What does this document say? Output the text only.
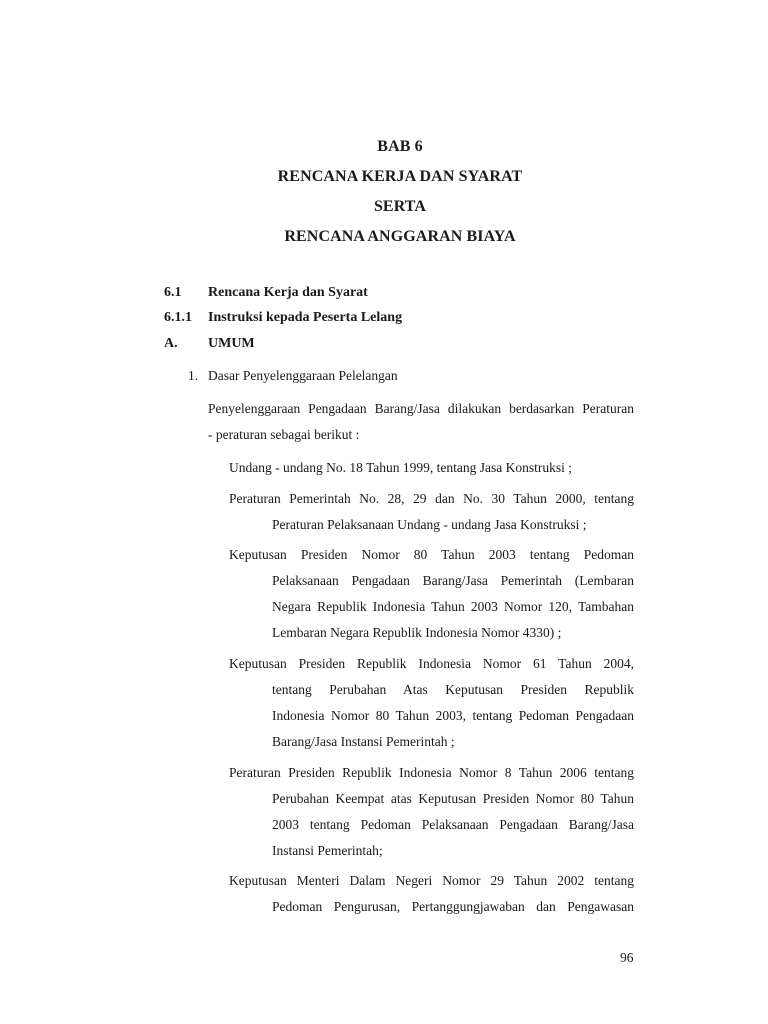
BAB 6
RENCANA KERJA DAN SYARAT
SERTA
RENCANA ANGGARAN BIAYA
6.1 Rencana Kerja dan Syarat
6.1.1 Instruksi kepada Peserta Lelang
A. UMUM
1. Dasar Penyelenggaraan Pelelangan
Penyelenggaraan Pengadaan Barang/Jasa dilakukan berdasarkan Peraturan
- peraturan sebagai berikut :
Undang - undang No. 18 Tahun 1999, tentang Jasa Konstruksi ;
Peraturan Pemerintah No. 28, 29 dan No. 30 Tahun 2000, tentang
Peraturan Pelaksanaan Undang - undang Jasa Konstruksi ;
Keputusan Presiden Nomor 80 Tahun 2003 tentang Pedoman
Pelaksanaan Pengadaan Barang/Jasa Pemerintah (Lembaran
Negara Republik Indonesia Tahun 2003 Nomor 120, Tambahan
Lembaran Negara Republik Indonesia Nomor 4330) ;
Keputusan Presiden Republik Indonesia Nomor 61 Tahun 2004,
tentang Perubahan Atas Keputusan Presiden Republik
Indonesia Nomor 80 Tahun 2003, tentang Pedoman Pengadaan
Barang/Jasa Instansi Pemerintah ;
Peraturan Presiden Republik Indonesia Nomor 8 Tahun 2006 tentang
Perubahan Keempat atas Keputusan Presiden Nomor 80 Tahun
2003 tentang Pedoman Pelaksanaan Pengadaan Barang/Jasa
Instansi Pemerintah;
Keputusan Menteri Dalam Negeri Nomor 29 Tahun 2002 tentang
Pedoman Pengurusan, Pertanggungjawaban dan Pengawasan
96
